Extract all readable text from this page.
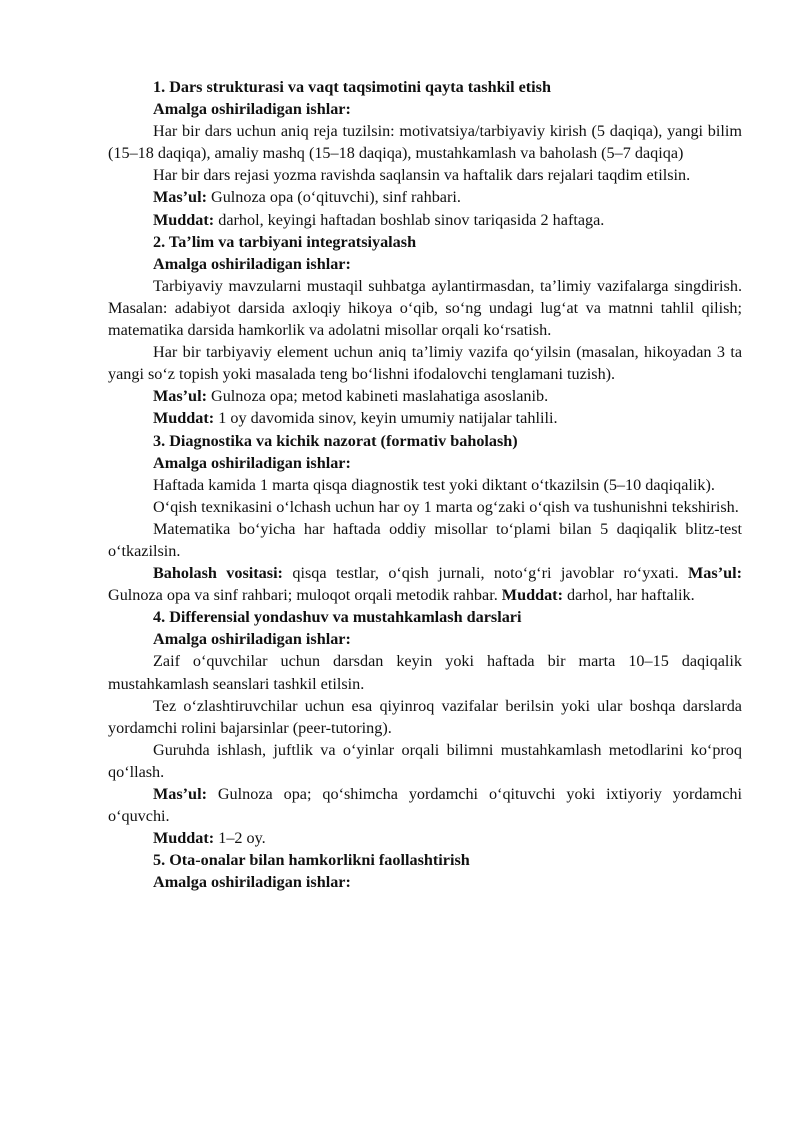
1. Dars strukturasi va vaqt taqsimotini qayta tashkil etish

Amalga oshiriladigan ishlar:

Har bir dars uchun aniq reja tuzilsin: motivatsiya/tarbiyaviy kirish (5 daqiqa), yangi bilim (15–18 daqiqa), amaliy mashq (15–18 daqiqa), mustahkamlash va baholash (5–7 daqiqa)

Har bir dars rejasi yozma ravishda saqlansin va haftalik dars rejalari taqdim etilsin.

Mas’ul: Gulnoza opa (o‘qituvchi), sinf rahbari.

Muddat: darhol, keyingi haftadan boshlab sinov tariqasida 2 haftaga.

2. Ta’lim va tarbiyani integratsiyalash

Amalga oshiriladigan ishlar:

Tarbiyaviy mavzularni mustaqil suhbatga aylantirmasdan, ta’limiy vazifalarga singdirish. Masalan: adabiyot darsida axloqiy hikoya o‘qib, so‘ng undagi lug‘at va matnni tahlil qilish; matematika darsida hamkorlik va adolatni misollar orqali ko‘rsatish.

Har bir tarbiyaviy element uchun aniq ta’limiy vazifa qo‘yilsin (masalan, hikoyadan 3 ta yangi so‘z topish yoki masalada teng bo‘lishni ifodalovchi tenglamani tuzish).

Mas’ul: Gulnoza opa; metod kabineti maslahatiga asoslanib.

Muddat: 1 oy davomida sinov, keyin umumiy natijalar tahlili.

3. Diagnostika va kichik nazorat (formativ baholash)

Amalga oshiriladigan ishlar:

Haftada kamida 1 marta qisqa diagnostik test yoki diktant o‘tkazilsin (5–10 daqiqalik).

O‘qish texnikasini o‘lchash uchun har oy 1 marta og‘zaki o‘qish va tushunishni tekshirish.

Matematika bo‘yicha har haftada oddiy misollar to‘plami bilan 5 daqiqalik blitz-test o‘tkazilsin.

Baholash vositasi: qisqa testlar, o‘qish jurnali, noto‘g‘ri javoblar ro‘yxati. Mas’ul: Gulnoza opa va sinf rahbari; muloqot orqali metodik rahbar. Muddat: darhol, har haftalik.

4. Differensial yondashuv va mustahkamlash darslari

Amalga oshiriladigan ishlar:

Zaif o‘quvchilar uchun darsdan keyin yoki haftada bir marta 10–15 daqiqalik mustahkamlash seanslari tashkil etilsin.

Tez o‘zlashtiruvchilar uchun esa qiyinroq vazifalar berilsin yoki ular boshqa darslarda yordamchi rolini bajarsinlar (peer-tutoring).

Guruhda ishlash, juftlik va o‘yinlar orqali bilimni mustahkamlash metodlarini ko‘proq qo‘llash.

Mas’ul: Gulnoza opa; qo‘shimcha yordamchi o‘qituvchi yoki ixtiyoriy yordamchi o‘quvchi.

Muddat: 1–2 oy.

5. Ota-onalar bilan hamkorlikni faollashtirish

Amalga oshiriladigan ishlar:
